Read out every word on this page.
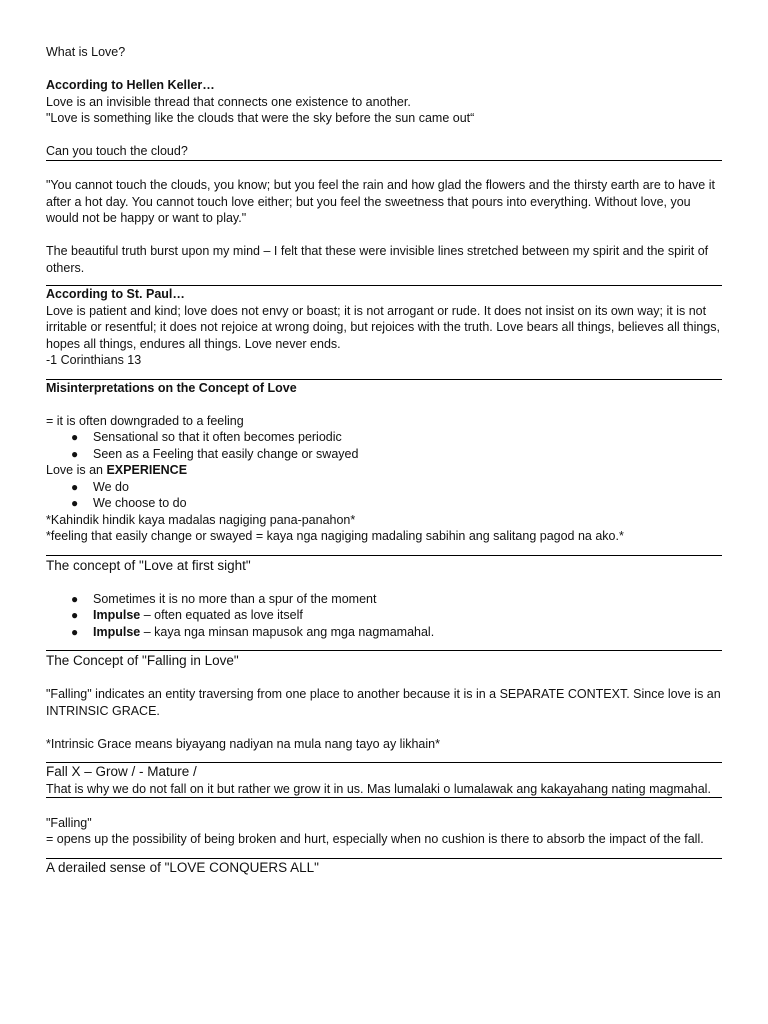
What is Love?
According to Hellen Keller…
Love is an invisible thread that connects one existence to another.
"Love is something like the clouds that were the sky before the sun came out“
Can you touch the cloud?
"You cannot touch the clouds, you know; but you feel the rain and how glad the flowers and the thirsty earth are to have it after a hot day. You cannot touch love either; but you feel the sweetness that pours into everything. Without love, you would not be happy or want to play."
The beautiful truth burst upon my mind – I felt that these were invisible lines stretched between my spirit and the spirit of others.
According to St. Paul…
Love is patient and kind; love does not envy or boast; it is not arrogant or rude. It does not insist on its own way; it is not irritable or resentful; it does not rejoice at wrong doing, but rejoices with the truth. Love bears all things, believes all things, hopes all things, endures all things. Love never ends.
-1 Corinthians 13
Misinterpretations on the Concept of Love
= it is often downgraded to a feeling
● Sensational so that it often becomes periodic
● Seen as a Feeling that easily change or swayed
Love is an EXPERIENCE
● We do
● We choose to do
*Kahindik hindik kaya madalas nagiging pana-panahon*
*feeling that easily change or swayed = kaya nga nagiging madaling sabihin ang salitang pagod na ako.*
The concept of "Love at first sight"
● Sometimes it is no more than a spur of the moment
● Impulse – often equated as love itself
● Impulse – kaya nga minsan mapusok ang mga nagmamahal.
The Concept of "Falling in Love"
"Falling" indicates an entity traversing from one place to another because it is in a SEPARATE CONTEXT. Since love is an INTRINSIC GRACE.
*Intrinsic Grace means biyayang nadiyan na mula nang tayo ay likhain*
Fall X – Grow / - Mature /
That is why we do not fall on it but rather we grow it in us. Mas lumalaki o lumalawak ang kakayahang nating magmahal.
"Falling"
= opens up the possibility of being broken and hurt, especially when no cushion is there to absorb the impact of the fall.
A derailed sense of "LOVE CONQUERS ALL"
